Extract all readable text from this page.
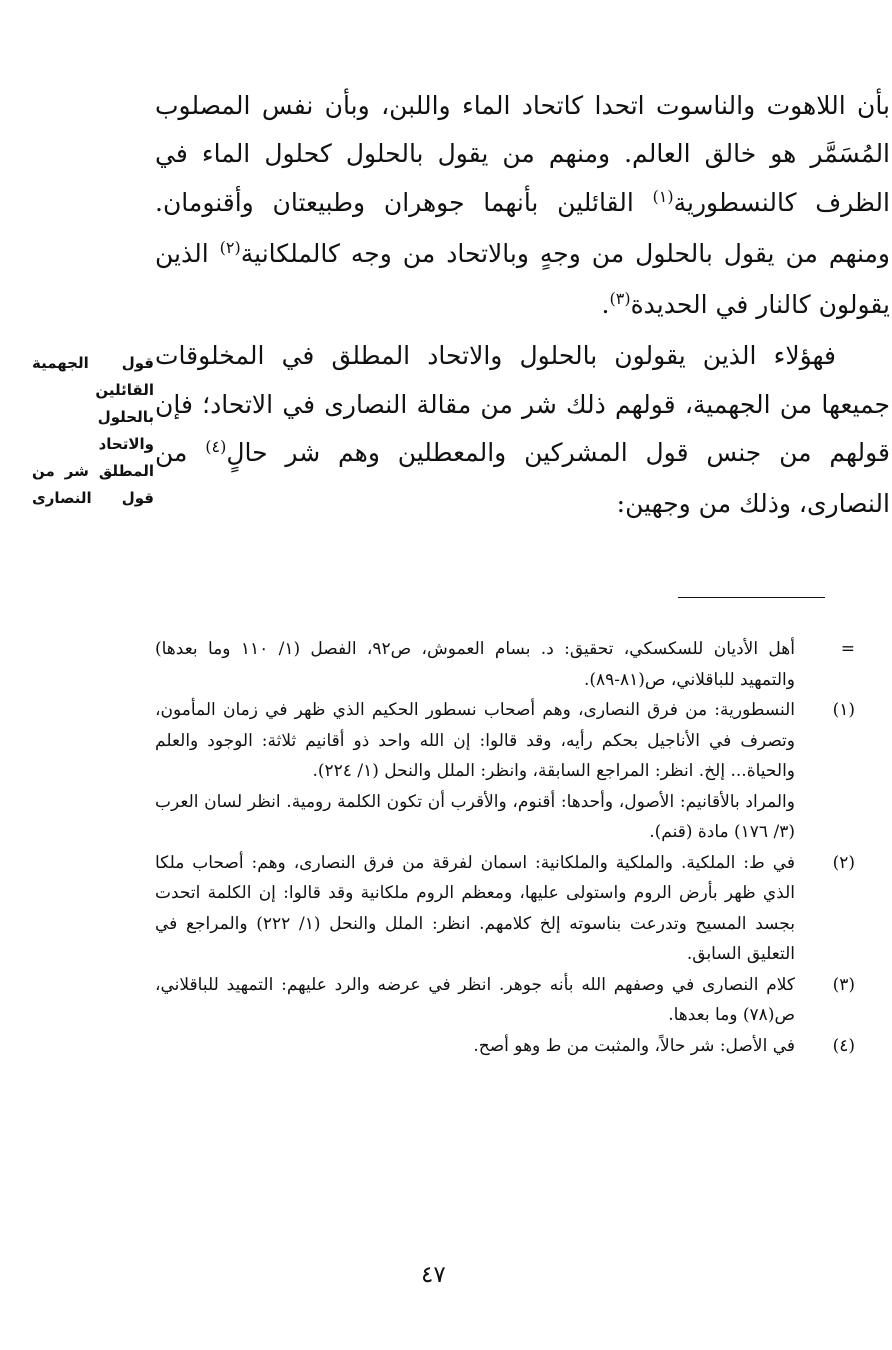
بأن اللاهوت والناسوت اتحدا كاتحاد الماء واللبن، وبأن نفس المصلوب المُسَمَّر هو خالق العالم. ومنهم من يقول بالحلول كحلول الماء في الظرف كالنسطورية$^{(١)}$ القائلين بأنهما جوهران وطبيعتان وأقنومان. ومنهم من يقول بالحلول من وجهٍ وبالاتحاد من وجه كالملكانية$^{(٢)}$ الذين يقولون كالنار في الحديدة$^{(٣)}$.

فهؤلاء الذين يقولون بالحلول والاتحاد المطلق في المخلوقات جميعها من الجهمية، قولهم ذلك شر من مقالة النصارى في الاتحاد؛ فإن قولهم من جنس قول المشركين والمعطلين وهم شر حالٍ$^{(٤)}$ من النصارى، وذلك من وجهين:

قول الجهمية
القائلين
بالحلول
والاتحاد
المطلق شر من
قول النصارى

=
أهل الأديان للسكسكي، تحقيق: د. بسام العموش، ص٩٢، الفصل (١/ ١١٠ وما بعدها) والتمهيد للباقلاني، ص(٨١-٨٩).

(١)
النسطورية: من فرق النصارى، وهم أصحاب نسطور الحكيم الذي ظهر في زمان المأمون، وتصرف في الأناجيل بحكم رأيه، وقد قالوا: إن الله واحد ذو أقانيم ثلاثة: الوجود والعلم والحياة... إلخ. انظر: المراجع السابقة، وانظر: الملل والنحل (١/ ٢٢٤).
والمراد بالأقانيم: الأصول، وأحدها: أقنوم، والأقرب أن تكون الكلمة رومية. انظر لسان العرب (٣/ ١٧٦) مادة (قنم).

(٢)
في ط: الملكية. والملكية والملكانية: اسمان لفرقة من فرق النصارى، وهم: أصحاب ملكا الذي ظهر بأرض الروم واستولى عليها، ومعظم الروم ملكانية وقد قالوا: إن الكلمة اتحدت بجسد المسيح وتدرعت بناسوته إلخ كلامهم. انظر: الملل والنحل (١/ ٢٢٢) والمراجع في التعليق السابق.

(٣)
كلام النصارى في وصفهم الله بأنه جوهر. انظر في عرضه والرد عليهم: التمهيد للباقلاني، ص(٧٨) وما بعدها.

(٤)
في الأصل: شر حالاً، والمثبت من ط وهو أصح.

٤٧
